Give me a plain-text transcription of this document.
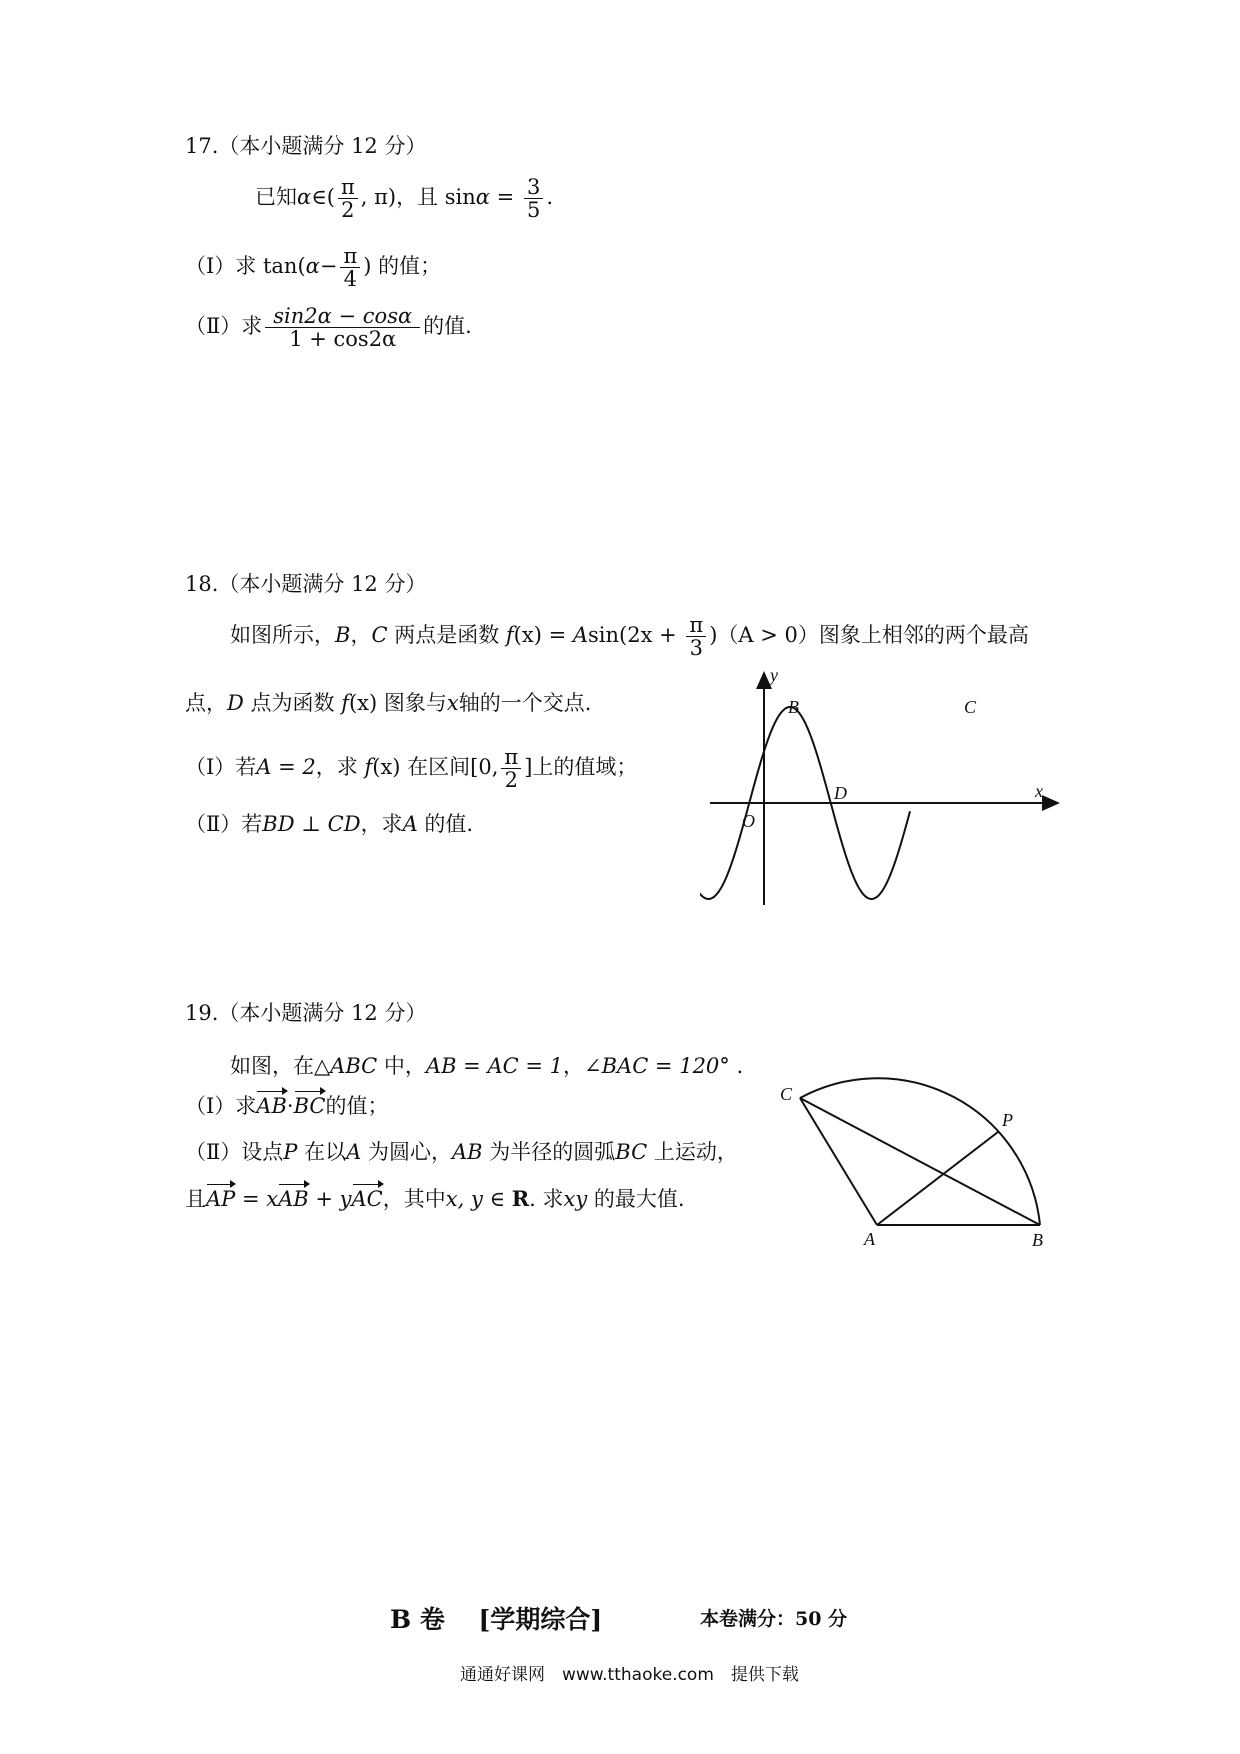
17.（本小题满分 12 分）
已知α∈( $\frac{\pi}{2}$ , π)，且 $\sin\alpha = \frac{3}{5}$ .
（Ⅰ）求 $\tan(\alpha- \frac{\pi}{4}$ ) 的值；
（Ⅱ）求 $\frac{\sin 2\alpha - \cos\alpha}{1 + \cos 2\alpha}$ 的值.
18.（本小题满分 12 分）
如图所示，B，C 两点是函数 $f(x) = Asin(2x + \frac{\pi}{3} )(A > 0)$图象上相邻的两个最高
点，D 点为函数 f(x) 图象与x轴的一个交点.
（Ⅰ）若A = 2，求 f(x) 在区间[0, $\frac{\pi}{2}$ ]上的值域；
（Ⅱ）若BD ⊥ CD，求A 的值.
y
x
B	C
D
O
19.（本小题满分 12 分）
如图，在△ABC 中，AB = AC = 1，∠BAC = 120° .
（Ⅰ）求AB·BC的值；
（Ⅱ）设点P 在以A 为圆心，AB 为半径的圆弧BC 上运动，
且AP = xAB + yAC，其中x, y ∈ R. 求xy 的最大值.
C
P
A	B
B 卷　 [学期综合]	本卷满分：50 分
通通好课网　www.tthaoke.com　提供下载
